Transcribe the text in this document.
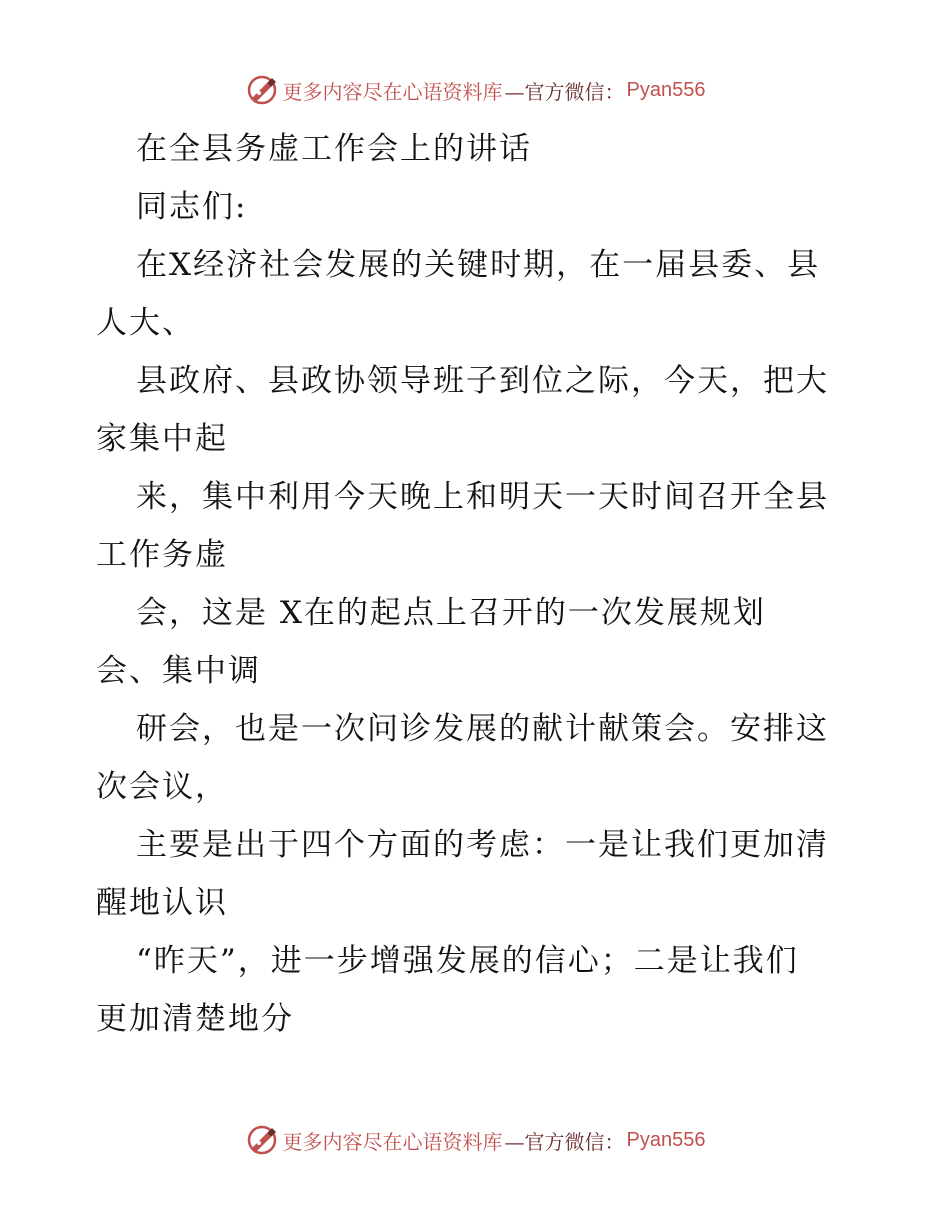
更多内容尽在心语资料库 —官方微信： Pyan556
在全县务虚工作会上的讲话
同志们:
在X经济社会发展的关键时期，在一届县委、县
人大、
县政府、县政协领导班子到位之际，今天，把大
家集中起
来，集中利用今天晚上和明天一天时间召开全县
工作务虚
会，这是 X在的起点上召开的一次发展规划
会、集中调
研会，也是一次问诊发展的献计献策会。安排这
次会议，
主要是出于四个方面的考虑：一是让我们更加清
醒地认识
“昨天”，进一步增强发展的信心；二是让我们
更加清楚地分
更多内容尽在心语资料库 —官方微信： Pyan556
